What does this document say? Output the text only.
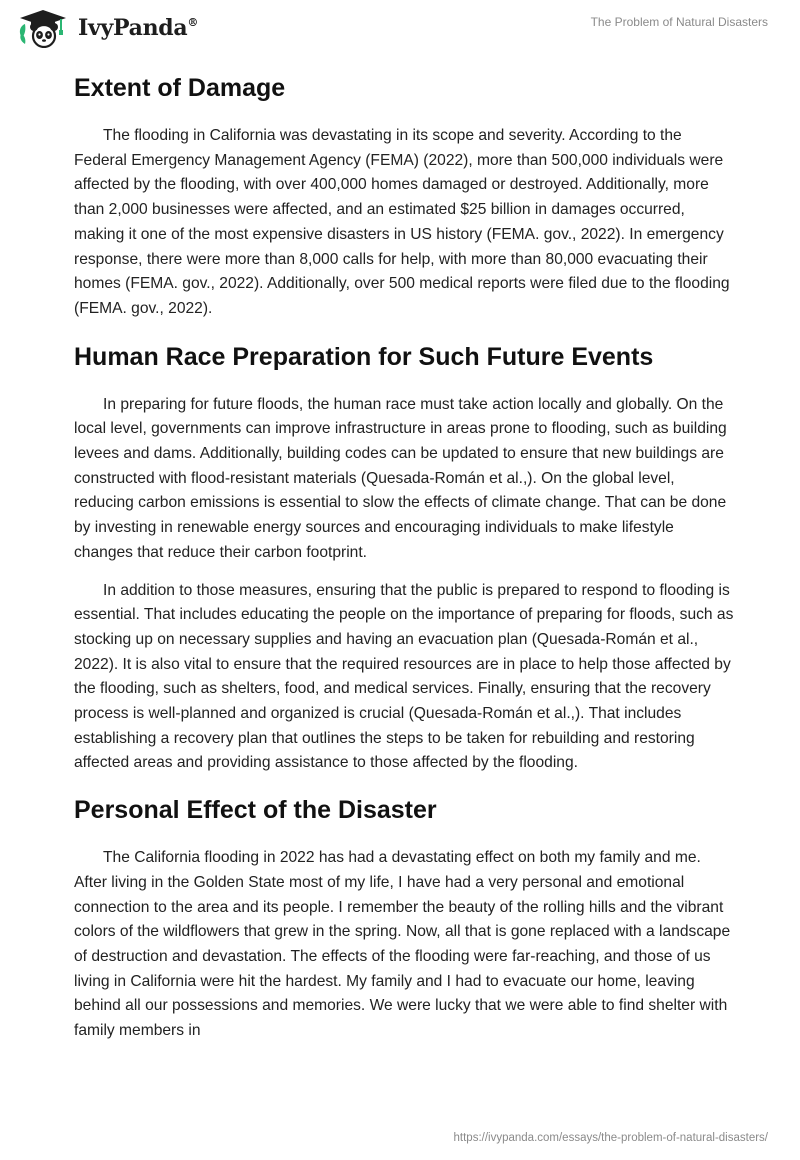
IvyPanda®	The Problem of Natural Disasters
Extent of Damage

The flooding in California was devastating in its scope and severity. According to the Federal Emergency Management Agency (FEMA) (2022), more than 500,000 individuals were affected by the flooding, with over 400,000 homes damaged or destroyed. Additionally, more than 2,000 businesses were affected, and an estimated $25 billion in damages occurred, making it one of the most expensive disasters in US history (FEMA. gov., 2022). In emergency response, there were more than 8,000 calls for help, with more than 80,000 evacuating their homes (FEMA. gov., 2022). Additionally, over 500 medical reports were filed due to the flooding (FEMA. gov., 2022).

Human Race Preparation for Such Future Events

In preparing for future floods, the human race must take action locally and globally. On the local level, governments can improve infrastructure in areas prone to flooding, such as building levees and dams. Additionally, building codes can be updated to ensure that new buildings are constructed with flood-resistant materials (Quesada-Román et al.,). On the global level, reducing carbon emissions is essential to slow the effects of climate change. That can be done by investing in renewable energy sources and encouraging individuals to make lifestyle changes that reduce their carbon footprint.

In addition to those measures, ensuring that the public is prepared to respond to flooding is essential. That includes educating the people on the importance of preparing for floods, such as stocking up on necessary supplies and having an evacuation plan (Quesada-Román et al., 2022). It is also vital to ensure that the required resources are in place to help those affected by the flooding, such as shelters, food, and medical services. Finally, ensuring that the recovery process is well-planned and organized is crucial (Quesada-Román et al.,). That includes establishing a recovery plan that outlines the steps to be taken for rebuilding and restoring affected areas and providing assistance to those affected by the flooding.

Personal Effect of the Disaster

The California flooding in 2022 has had a devastating effect on both my family and me. After living in the Golden State most of my life, I have had a very personal and emotional connection to the area and its people. I remember the beauty of the rolling hills and the vibrant colors of the wildflowers that grew in the spring. Now, all that is gone replaced with a landscape of destruction and devastation. The effects of the flooding were far-reaching, and those of us living in California were hit the hardest. My family and I had to evacuate our home, leaving behind all our possessions and memories. We were lucky that we were able to find shelter with family members in

https://ivypanda.com/essays/the-problem-of-natural-disasters/
